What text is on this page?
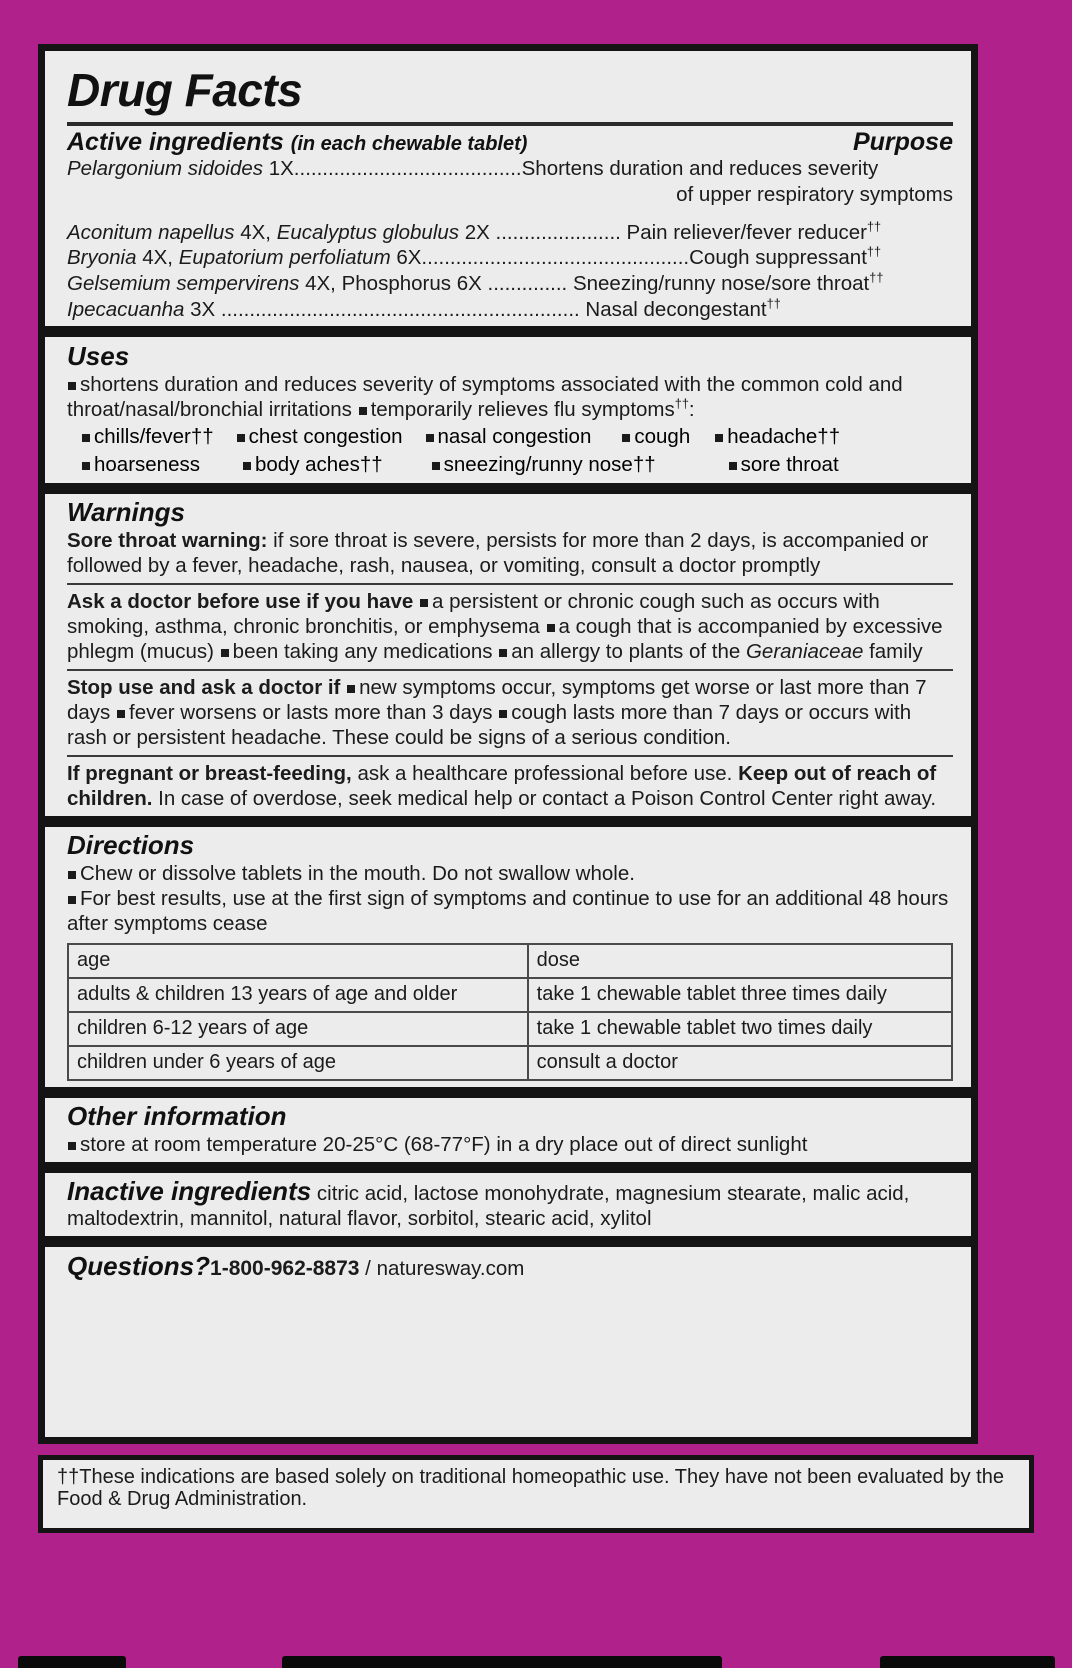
Drug Facts
Active ingredients (in each chewable tablet)	Purpose
Pelargonium sidoides 1X........................................Shortens duration and reduces severity
of upper respiratory symptoms
Aconitum napellus 4X, Eucalyptus globulus 2X ...................... Pain reliever/fever reducer††
Bryonia 4X, Eupatorium perfoliatum 6X...............................................Cough suppressant††
Gelsemium sempervirens 4X, Phosphorus 6X .............. Sneezing/runny nose/sore throat††
Ipecacuanha 3X ............................................................... Nasal decongestant††
Uses
shortens duration and reduces severity of symptoms associated with the common cold and throat/nasal/bronchial irritations temporarily relieves flu symptoms††:
chills/fever††	chest congestion	nasal congestion	cough	headache††
hoarseness	body aches††	sneezing/runny nose††	sore throat
Warnings
Sore throat warning: if sore throat is severe, persists for more than 2 days, is accompanied or followed by a fever, headache, rash, nausea, or vomiting, consult a doctor promptly
Ask a doctor before use if you have a persistent or chronic cough such as occurs with smoking, asthma, chronic bronchitis, or emphysema a cough that is accompanied by excessive phlegm (mucus) been taking any medications an allergy to plants of the Geraniaceae family
Stop use and ask a doctor if new symptoms occur, symptoms get worse or last more than 7 days fever worsens or lasts more than 3 days cough lasts more than 7 days or occurs with rash or persistent headache. These could be signs of a serious condition.
If pregnant or breast-feeding, ask a healthcare professional before use. Keep out of reach of children. In case of overdose, seek medical help or contact a Poison Control Center right away.
Directions
Chew or dissolve tablets in the mouth. Do not swallow whole.
For best results, use at the first sign of symptoms and continue to use for an additional 48 hours after symptoms cease
age	dose
adults & children 13 years of age and older	take 1 chewable tablet three times daily
children 6-12 years of age	take 1 chewable tablet two times daily
children under 6 years of age	consult a doctor
Other information
store at room temperature 20-25°C (68-77°F) in a dry place out of direct sunlight
Inactive ingredients citric acid, lactose monohydrate, magnesium stearate, malic acid, maltodextrin, mannitol, natural flavor, sorbitol, stearic acid, xylitol
Questions?1-800-962-8873 / naturesway.com
††These indications are based solely on traditional homeopathic use. They have not been evaluated by the Food & Drug Administration.
